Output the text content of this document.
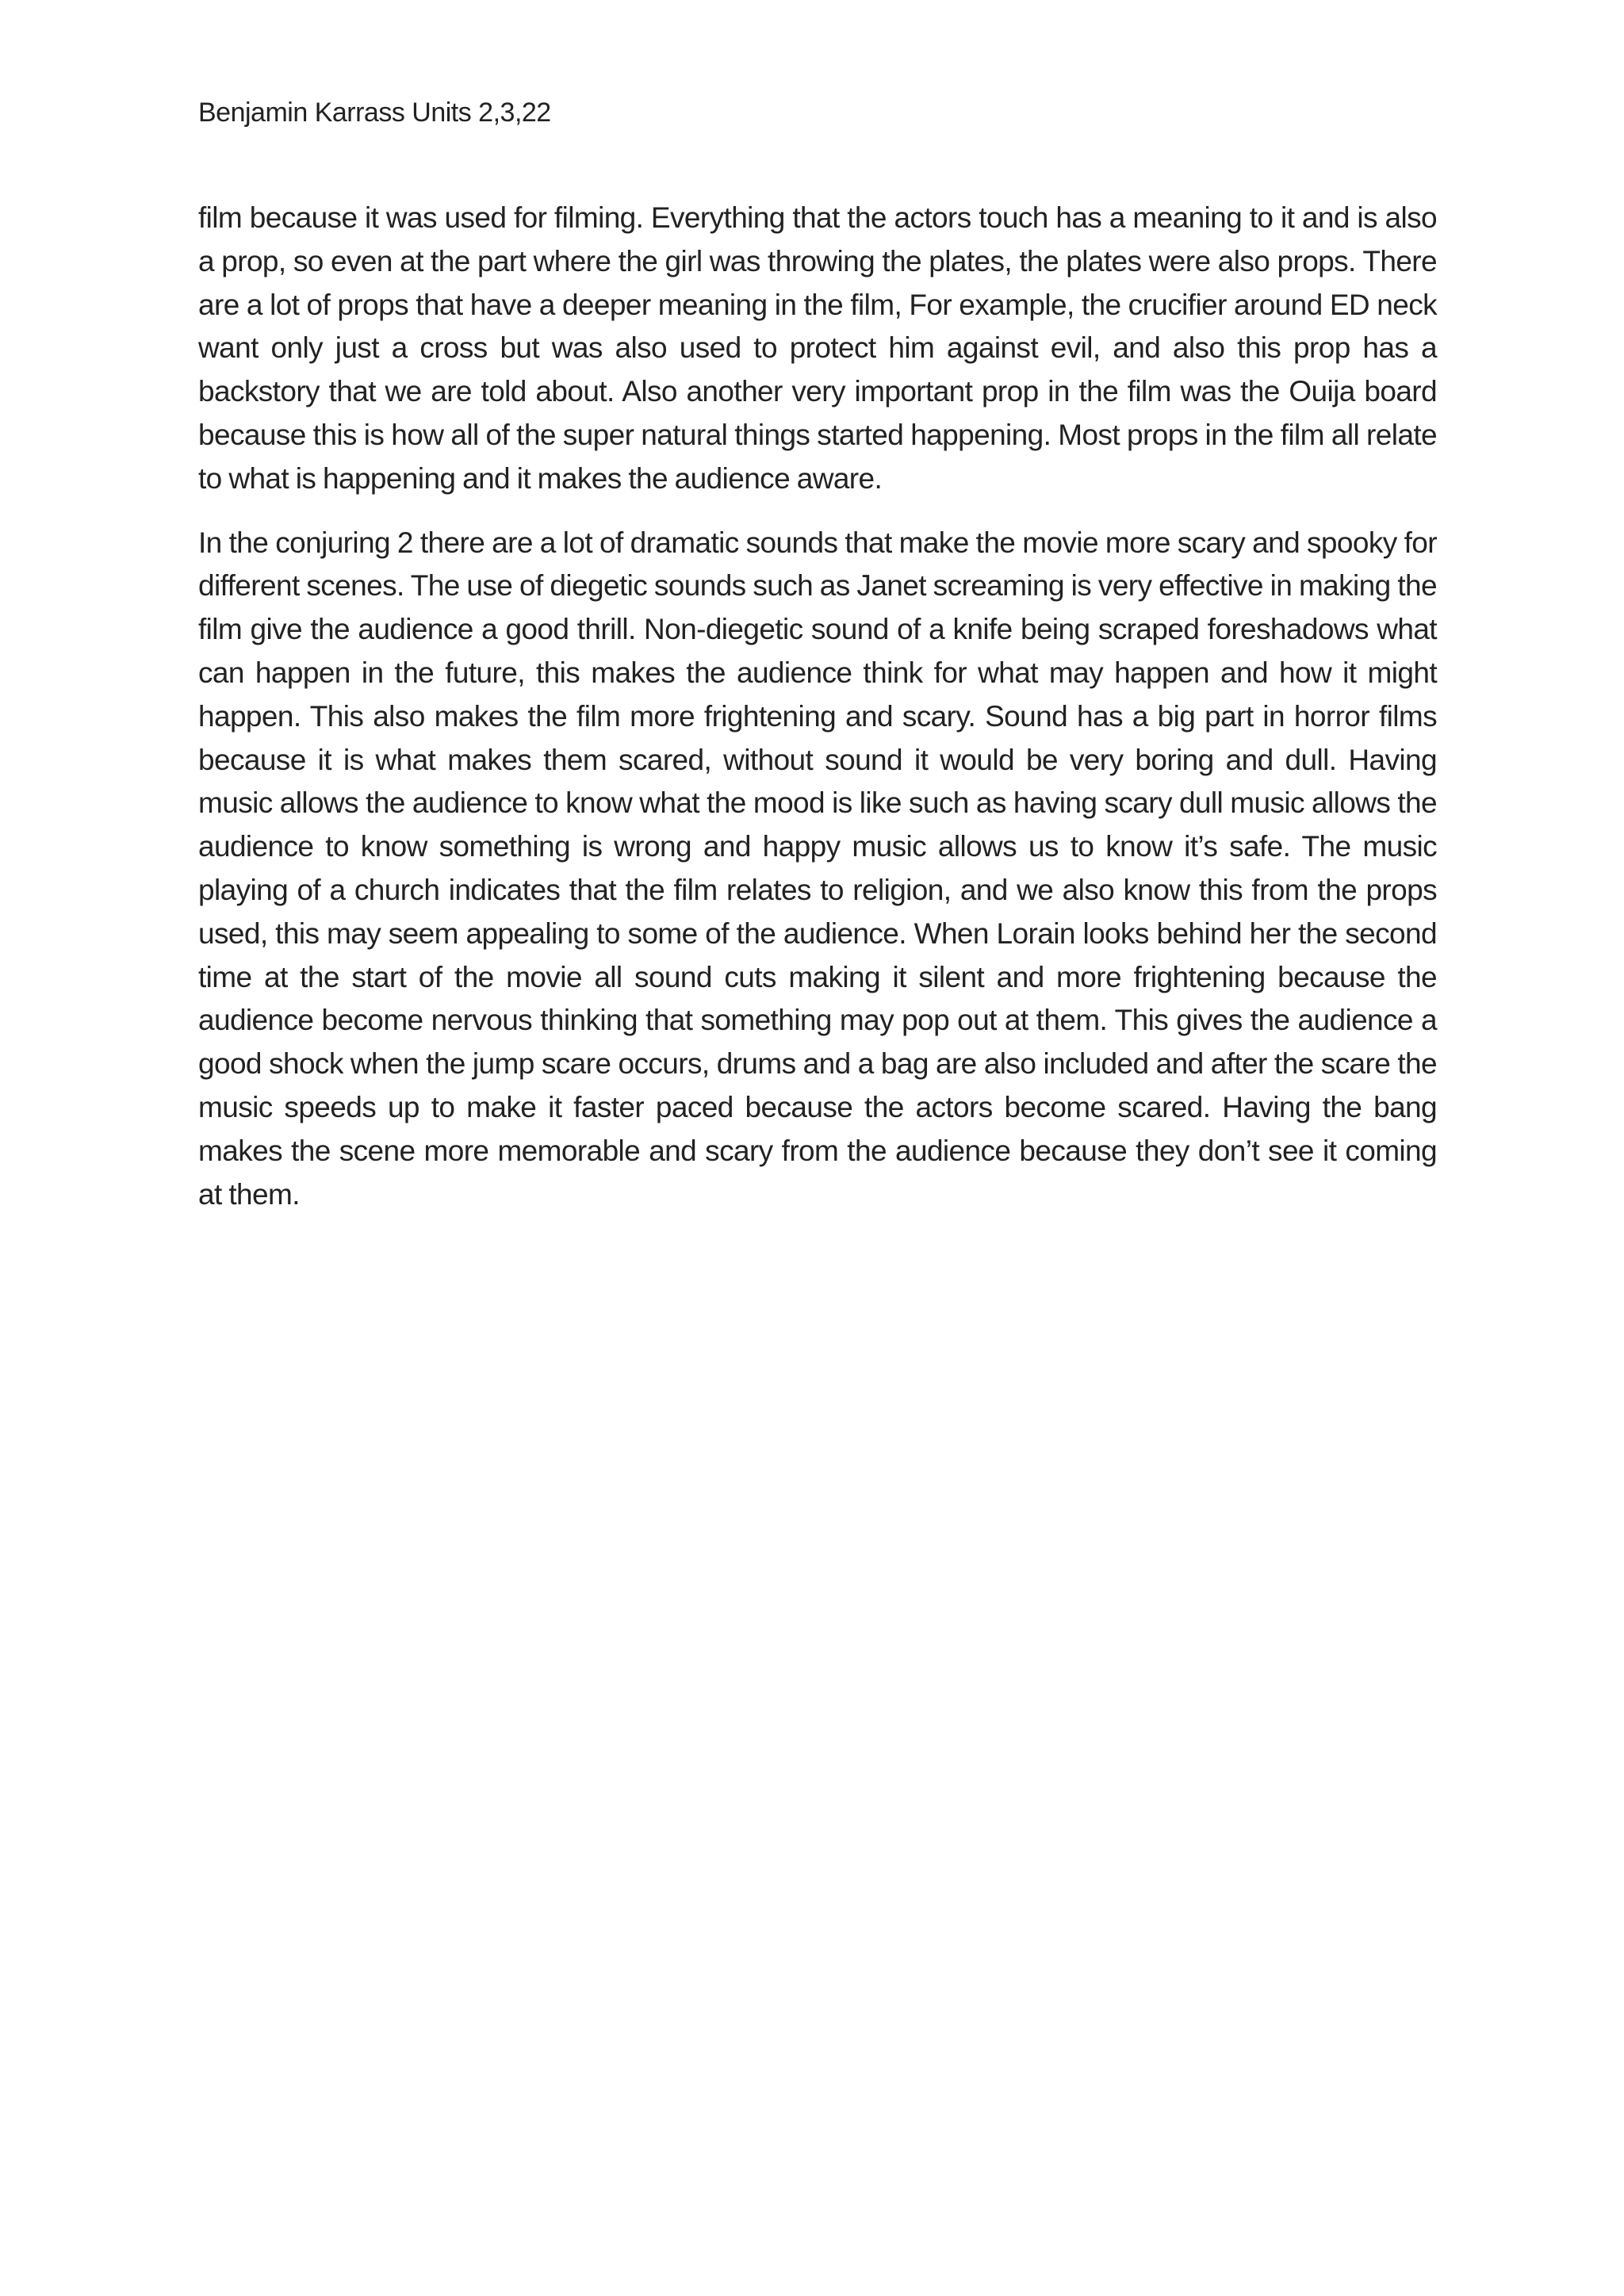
Benjamin Karrass Units 2,3,22

film because it was used for filming. Everything that the actors touch has a meaning to it and is also a prop, so even at the part where the girl was throwing the plates, the plates were also props. There are a lot of props that have a deeper meaning in the film, For example, the crucifier around ED neck want only just a cross but was also used to protect him against evil, and also this prop has a backstory that we are told about. Also another very important prop in the film was the Ouija board because this is how all of the super natural things started happening. Most props in the film all relate to what is happening and it makes the audience aware.

In the conjuring 2 there are a lot of dramatic sounds that make the movie more scary and spooky for different scenes. The use of diegetic sounds such as Janet screaming is very effective in making the film give the audience a good thrill. Non-diegetic sound of a knife being scraped foreshadows what can happen in the future, this makes the audience think for what may happen and how it might happen. This also makes the film more frightening and scary. Sound has a big part in horror films because it is what makes them scared, without sound it would be very boring and dull. Having music allows the audience to know what the mood is like such as having scary dull music allows the audience to know something is wrong and happy music allows us to know it’s safe. The music playing of a church indicates that the film relates to religion, and we also know this from the props used, this may seem appealing to some of the audience. When Lorain looks behind her the second time at the start of the movie all sound cuts making it silent and more frightening because the audience become nervous thinking that something may pop out at them. This gives the audience a good shock when the jump scare occurs, drums and a bag are also included and after the scare the music speeds up to make it faster paced because the actors become scared. Having the bang makes the scene more memorable and scary from the audience because they don’t see it coming at them.
